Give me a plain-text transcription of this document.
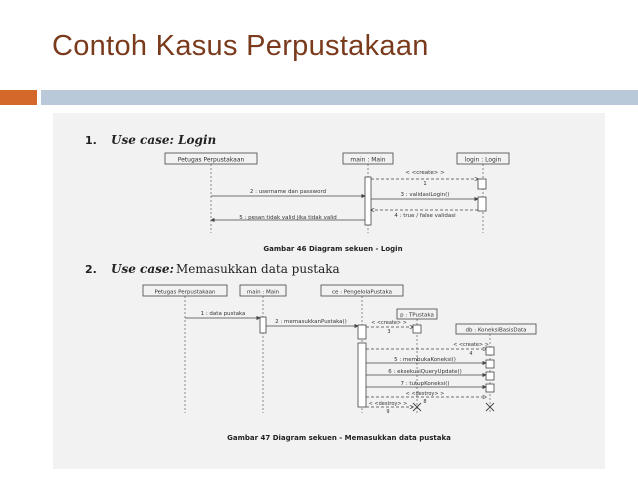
Contoh Kasus Perpustakaan
1. Use case: Login
Petugas Perpustakaan	main : Main	login : Login
< <create> >
1
2 : username dan password	3 : validasiLogin()
4 : true / false validasi
5 : pesan tidak valid jika tidak valid
Gambar 46 Diagram sekuen - Login
2. Use case: Memasukkan data pustaka
Petugas Perpustakaan	main : Main	ce : PengelolaPustaka
p : TPustaka
db : KoneksiBasisData
1 : data pustaka
2 : memasukkanPustaka()	< <create> >
3
< <create> >
4
5 : membukaKoneksi()
6 : eksekusiQueryUpdate()
7 : tutupKoneksi()
< <destroy> >
8
< <destroy> >
9
Gambar 47 Diagram sekuen - Memasukkan data pustaka
